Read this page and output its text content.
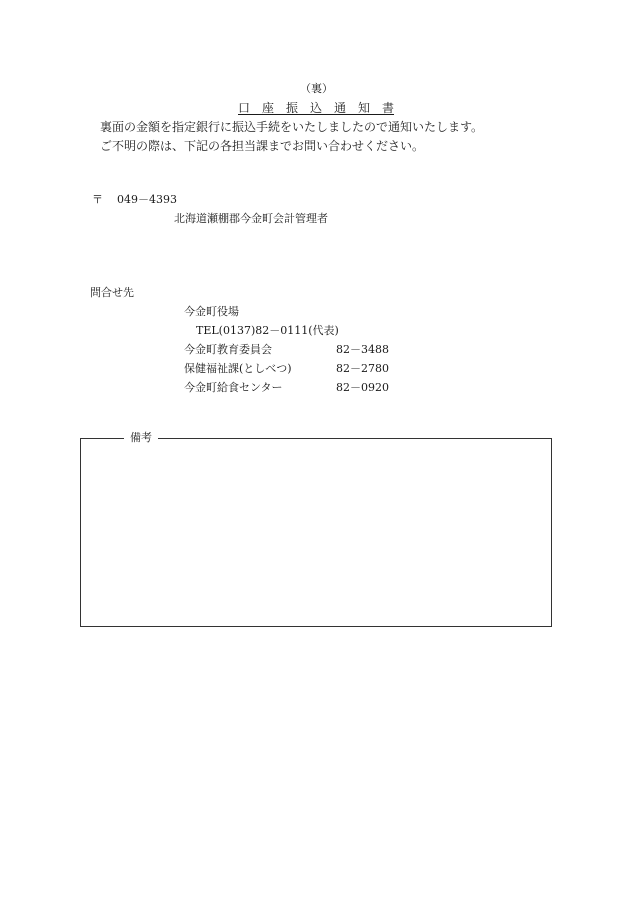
（裏）
口　座　振　込　通　知　書
裏面の金額を指定銀行に振込手続をいたしましたので通知いたします。
ご不明の際は、下記の各担当課までお問い合わせください。
〒 049－4393
北海道瀬棚郡今金町会計管理者
問合せ先
今金町役場
TEL(0137)82－0111(代表)
今金町教育委員会	82－3488
保健福祉課(としべつ)	82－2780
今金町給食センター	82－0920
備考
